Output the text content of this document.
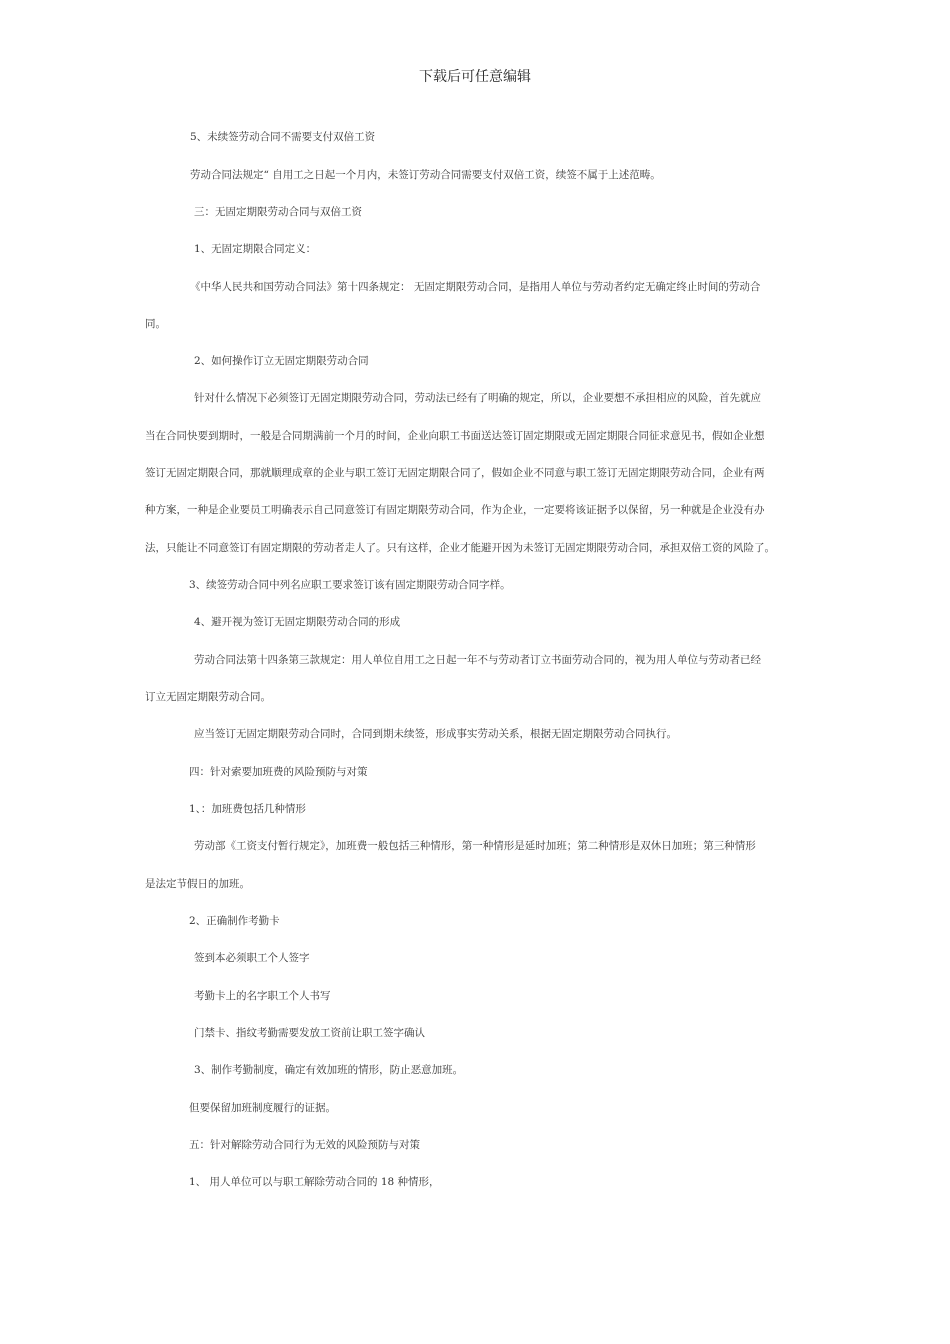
下载后可任意编辑
5、未续签劳动合同不需要支付双倍工资
劳动合同法规定“ 自用工之日起一个月内，未签订劳动合同需要支付双倍工资，续签不属于上述范畴。
三：无固定期限劳动合同与双倍工资
1、无固定期限合同定义：
《中华人民共和国劳动合同法》第十四条规定： 无固定期限劳动合同，是指用人单位与劳动者约定无确定终止时间的劳动合
同。
2、如何操作订立无固定期限劳动合同
针对什么情况下必须签订无固定期限劳动合同，劳动法已经有了明确的规定，所以，企业要想不承担相应的风险，首先就应
当在合同快要到期时，一般是合同期满前一个月的时间，企业向职工书面送达签订固定期限或无固定期限合同征求意见书，假如企业想
签订无固定期限合同，那就顺理成章的企业与职工签订无固定期限合同了，假如企业不同意与职工签订无固定期限劳动合同，企业有两
种方案，一种是企业要员工明确表示自己同意签订有固定期限劳动合同，作为企业，一定要将该证据予以保留，另一种就是企业没有办
法，只能让不同意签订有固定期限的劳动者走人了。只有这样，企业才能避开因为未签订无固定期限劳动合同，承担双倍工资的风险了。
3、续签劳动合同中列名应职工要求签订该有固定期限劳动合同字样。
4、避开视为签订无固定期限劳动合同的形成
劳动合同法第十四条第三款规定：用人单位自用工之日起一年不与劳动者订立书面劳动合同的，视为用人单位与劳动者已经
订立无固定期限劳动合同。
应当签订无固定期限劳动合同时，合同到期未续签，形成事实劳动关系，根据无固定期限劳动合同执行。
四：针对索要加班费的风险预防与对策
1、：加班费包括几种情形
劳动部《工资支付暂行规定》，加班费一般包括三种情形，第一种情形是延时加班；第二种情形是双休日加班；第三种情形
是法定节假日的加班。
2、正确制作考勤卡
签到本必须职工个人签字
考勤卡上的名字职工个人书写
门禁卡、指纹考勤需要发放工资前让职工签字确认
3、制作考勤制度，确定有效加班的情形，防止恶意加班。
但要保留加班制度履行的证据。
五：针对解除劳动合同行为无效的风险预防与对策
1、 用人单位可以与职工解除劳动合同的 18 种情形，
